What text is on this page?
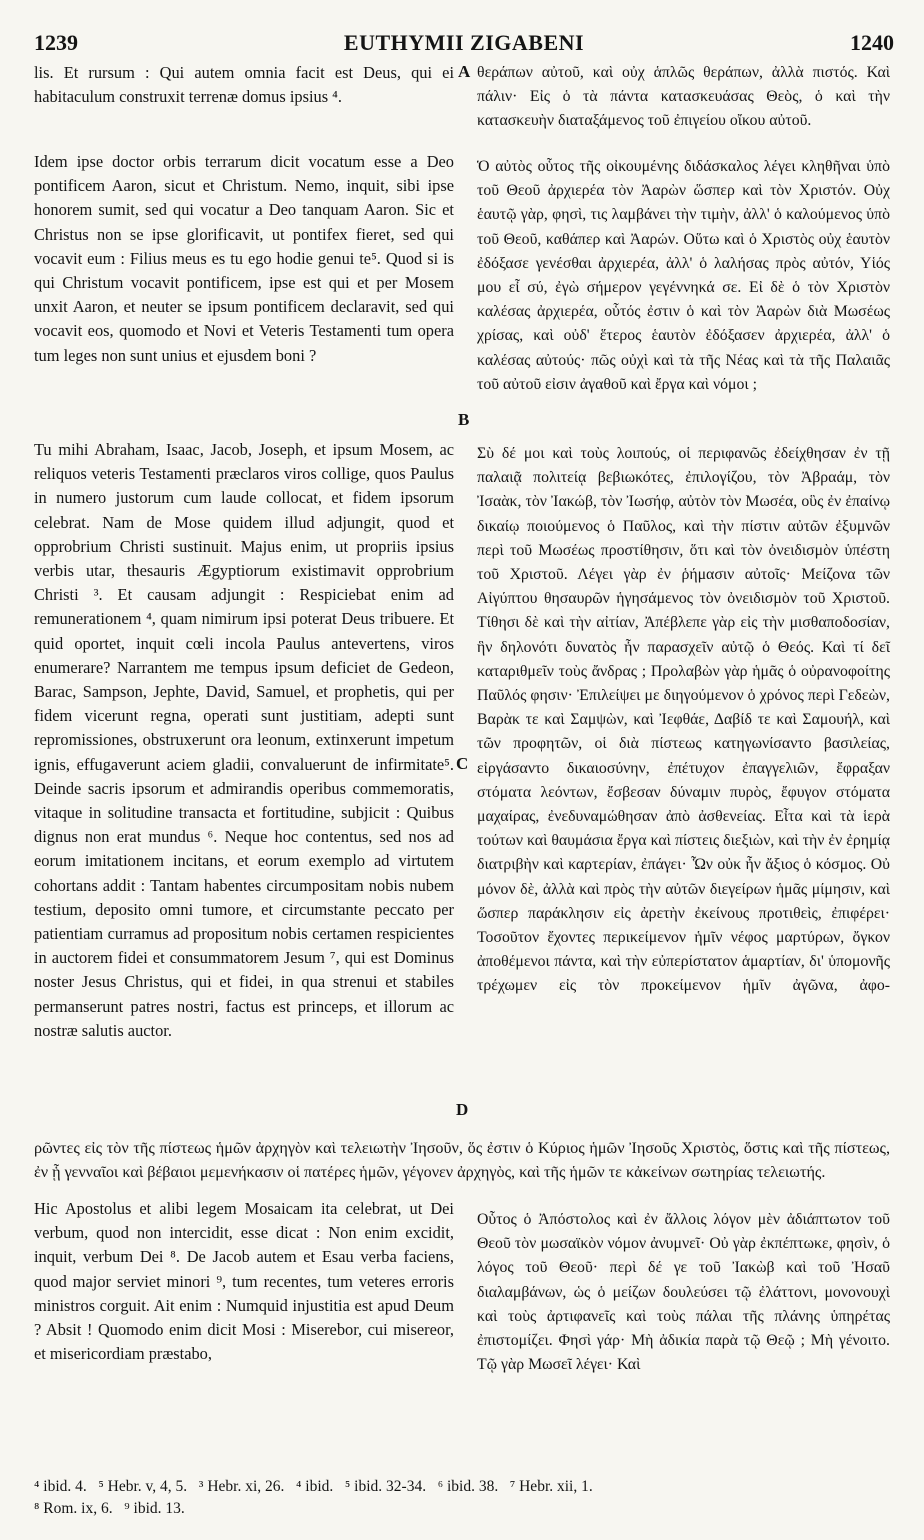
1239	EUTHYMII ZIGABENI	1240

lis. Et rursum : Qui autem omnia facit est Deus, qui ei habitaculum construxit terrenæ domus ipsius ⁴.

Idem ipse doctor orbis terrarum dicit vocatum esse a Deo pontificem Aaron, sicut et Christum. Nemo, inquit, sibi ipse honorem sumit, sed qui vocatur a Deo tanquam Aaron. Sic et Christus non se ipse glorificavit, ut pontifex fieret, sed qui vocavit eum : Filius meus es tu ego hodie genui te⁵. Quod si is qui Christum vocavit pontificem, ipse est qui et per Mosem unxit Aaron, et neuter se ipsum pontificem declaravit, sed qui vocavit eos, quomodo et Novi et Veteris Testamenti tum opera tum leges non sunt unius et ejusdem boni ?

Tu mihi Abraham, Isaac, Jacob, Joseph, et ipsum Mosem, ac reliquos veteris Testamenti præclaros viros collige, quos Paulus in numero justorum cum laude collocat, et fidem ipsorum celebrat. Nam de Mose quidem illud adjungit, quod et opprobrium Christi sustinuit. Majus enim, ut propriis ipsius verbis utar, thesauris Ægyptiorum existimavit opprobrium Christi ³. Et causam adjungit : Respiciebat enim ad remunerationem ⁴, quam nimirum ipsi poterat Deus tribuere. Et quid oportet, inquit cœli incola Paulus antevertens, viros enumerare? Narrantem me tempus ipsum deficiet de Gedeon, Barac, Sampson, Jephte, David, Samuel, et prophetis, qui per fidem vicerunt regna, operati sunt justitiam, adepti sunt repromissiones, obstruxerunt ora leonum, extinxerunt impetum ignis, effugaverunt aciem gladii, convaluerunt de infirmitate⁵. Deinde sacris ipsorum et admirandis operibus commemoratis, vitaque in solitudine transacta et fortitudine, subjicit : Quibus dignus non erat mundus ⁶. Neque hoc contentus, sed nos ad eorum imitationem incitans, et eorum exemplo ad virtutem cohortans addit : Tantam habentes circumpositam nobis nubem testium, deposito omni tumore, et circumstante peccato per patientiam curramus ad propositum nobis certamen respicientes in auctorem fidei et consummatorem Jesum ⁷, qui est Dominus noster Jesus Christus, qui et fidei, in qua strenui et stabiles permanserunt patres nostri, factus est princeps, et illorum ac nostræ salutis auctor.

Hic Apostolus et alibi legem Mosaicam ita celebrat, ut Dei verbum, quod non intercidit, esse dicat : Non enim excidit, inquit, verbum Dei ⁸. De Jacob autem et Esau verba faciens, quod major serviet minori ⁹, tum recentes, tum veteres erroris ministros corguit. Ait enim : Numquid injustitia est apud Deum ? Absit ! Quomodo enim dicit Mosi : Miserebor, cui misereor, et misericordiam præstabo,

A
B
C
D

θεράπων αὐτοῦ, καὶ οὐχ ἁπλῶς θεράπων, ἀλλὰ πιστός. Καὶ πάλιν· Εἰς ὁ τὰ πάντα κατασκευάσας Θεὸς, ὁ καὶ τὴν κατασκευὴν διαταξάμενος τοῦ ἐπιγείου οἴκου αὐτοῦ.

Ὁ αὐτὸς οὗτος τῆς οἰκουμένης διδάσκαλος λέγει κληθῆναι ὑπὸ τοῦ Θεοῦ ἀρχιερέα τὸν Ἀαρὼν ὥσπερ καὶ τὸν Χριστόν. Οὐχ ἑαυτῷ γὰρ, φησὶ, τις λαμβάνει τὴν τιμὴν, ἀλλ' ὁ καλούμενος ὑπὸ τοῦ Θεοῦ, καθάπερ καὶ Ἀαρών. Οὕτω καὶ ὁ Χριστὸς οὐχ ἑαυτὸν ἐδόξασε γενέσθαι ἀρχιερέα, ἀλλ' ὁ λαλήσας πρὸς αὐτόν, Υἱός μου εἶ σύ, ἐγὼ σήμερον γεγέννηκά σε. Εἰ δὲ ὁ τὸν Χριστὸν καλέσας ἀρχιερέα, οὗτός ἐστιν ὁ καὶ τὸν Ἀαρὼν διὰ Μωσέως χρίσας, καὶ οὐδ' ἕτερος ἑαυτὸν ἐδόξασεν ἀρχιερέα, ἀλλ' ὁ καλέσας αὐτούς· πῶς οὐχὶ καὶ τὰ τῆς Νέας καὶ τὰ τῆς Παλαιᾶς τοῦ αὐτοῦ εἰσιν ἀγαθοῦ καὶ ἔργα καὶ νόμοι ;

Σὺ δέ μοι καὶ τοὺς λοιπούς, οἱ περιφανῶς ἐδείχθησαν ἐν τῇ παλαιᾷ πολιτείᾳ βεβιωκότες, ἐπιλογίζου, τὸν Ἀβραάμ, τὸν Ἰσαὰκ, τὸν Ἰακώβ, τὸν Ἰωσήφ, αὐτὸν τὸν Μωσέα, οὓς ἐν ἐπαίνῳ δικαίῳ ποιούμενος ὁ Παῦλος, καὶ τὴν πίστιν αὐτῶν ἐξυμνῶν περὶ τοῦ Μωσέως προστίθησιν, ὅτι καὶ τὸν ὀνειδισμὸν ὑπέστη τοῦ Χριστοῦ. Λέγει γὰρ ἐν ῥήμασιν αὐτοῖς· Μείζονα τῶν Αἰγύπτου θησαυρῶν ἡγησάμενος τὸν ὀνειδισμὸν τοῦ Χριστοῦ. Τίθησι δὲ καὶ τὴν αἰτίαν, Ἀπέβλεπε γὰρ εἰς τὴν μισθαποδοσίαν, ἣν δηλονότι δυνατὸς ἦν παρασχεῖν αὐτῷ ὁ Θεός. Καὶ τί δεῖ καταριθμεῖν τοὺς ἄνδρας ; Προλαβὼν γὰρ ἡμᾶς ὁ οὐρανοφοίτης Παῦλός φησιν· Ἐπιλείψει με διηγούμενον ὁ χρόνος περὶ Γεδεὼν, Βαρὰκ τε καὶ Σαμψὼν, καὶ Ἰεφθάε, Δαβίδ τε καὶ Σαμουήλ, καὶ τῶν προφητῶν, οἱ διὰ πίστεως κατηγωνίσαντο βασιλείας, εἰργάσαντο δικαιοσύνην, ἐπέτυχον ἐπαγγελιῶν, ἔφραξαν στόματα λεόντων, ἔσβεσαν δύναμιν πυρὸς, ἔφυγον στόματα μαχαίρας, ἐνεδυναμώθησαν ἀπὸ ἀσθενείας. Εἶτα καὶ τὰ ἱερὰ τούτων καὶ θαυμάσια ἔργα καὶ πίστεις διεξιὼν, καὶ τὴν ἐν ἐρημίᾳ διατριβὴν καὶ καρτερίαν, ἐπάγει· Ὧν οὐκ ἦν ἄξιος ὁ κόσμος. Οὐ μόνον δὲ, ἀλλὰ καὶ πρὸς τὴν αὐτῶν διεγείρων ἡμᾶς μίμησιν, καὶ ὥσπερ παράκλησιν εἰς ἀρετὴν ἐκείνους προτιθεὶς, ἐπιφέρει· Τοσοῦτον ἔχοντες περικείμενον ἡμῖν νέφος μαρτύρων, ὄγκον ἀποθέμενοι πάντα, καὶ τὴν εὐπερίστατον ἁμαρτίαν, δι' ὑπομονῆς τρέχωμεν εἰς τὸν προκείμενον ἡμῖν ἀγῶνα, ἀφο-

Οὗτος ὁ Ἀπόστολος καὶ ἐν ἄλλοις λόγον μὲν ἀδιάπτωτον τοῦ Θεοῦ τὸν μωσαϊκὸν νόμον ἀνυμνεῖ· Οὐ γὰρ ἐκπέπτωκε, φησὶν, ὁ λόγος τοῦ Θεοῦ· περὶ δέ γε τοῦ Ἰακὼβ καὶ τοῦ Ἠσαῦ διαλαμβάνων, ὡς ὁ μείζων δουλεύσει τῷ ἐλάττονι, μονονουχὶ καὶ τοὺς ἀρτιφανεῖς καὶ τοὺς πάλαι τῆς πλάνης ὑπηρέτας ἐπιστομίζει. Φησὶ γάρ· Μὴ ἀδικία παρὰ τῷ Θεῷ ; Μὴ γένοιτο. Τῷ γὰρ Μωσεῖ λέγει· Καὶ

ρῶντες εἰς τὸν τῆς πίστεως ἡμῶν ἀρχηγὸν καὶ τελειωτὴν Ἰησοῦν, ὅς ἐστιν ὁ Κύριος ἡμῶν Ἰησοῦς Χριστὸς, ὅστις καὶ τῆς πίστεως, ἐν ᾗ γενναῖοι καὶ βέβαιοι μεμενήκασιν οἱ πατέρες ἡμῶν, γέγονεν ἀρχηγὸς, καὶ τῆς ἡμῶν τε κἀκείνων σωτηρίας τελειωτής.

⁴ ibid. 4.   ⁵ Hebr. v, 4, 5.   ³ Hebr. xi, 26.   ⁴ ibid.   ⁵ ibid. 32-34.   ⁶ ibid. 38.   ⁷ Hebr. xii, 1.

⁸ Rom. ix, 6.   ⁹ ibid. 13.
